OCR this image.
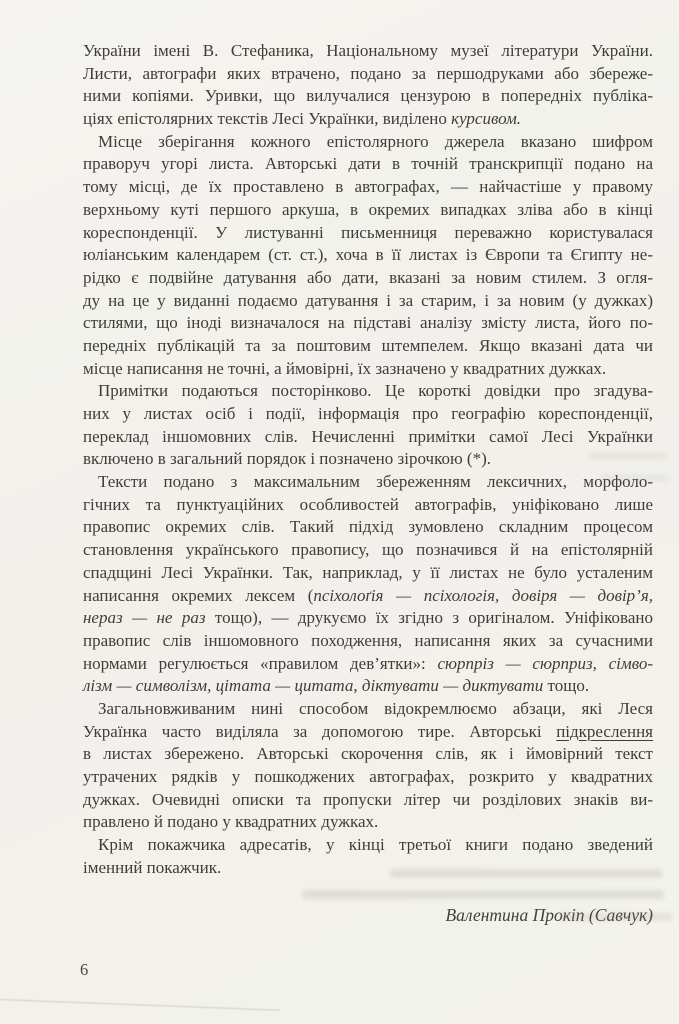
України імені В. Стефаника, Національному музеї літератури України.
Листи, автографи яких втрачено, подано за першодруками або збереже-
ними копіями. Уривки, що вилучалися цензурою в попередніх публіка-
ціях епістолярних текстів Лесі Українки, виділено курсивом.
Місце зберігання кожного епістолярного джерела вказано шифром
праворуч угорі листа. Авторські дати в точній транскрипції подано на
тому місці, де їх проставлено в автографах, — найчастіше у правому
верхньому куті першого аркуша, в окремих випадках зліва або в кінці
кореспонденції. У листуванні письменниця переважно користувалася
юліанським календарем (ст. ст.), хоча в її листах із Європи та Єгипту не-
рідко є подвійне датування або дати, вказані за новим стилем. З огля-
ду на це у виданні подаємо датування і за старим, і за новим (у дужках)
стилями, що іноді визначалося на підставі аналізу змісту листа, його по-
передніх публікацій та за поштовим штемпелем. Якщо вказані дата чи
місце написання не точні, а ймовірні, їх зазначено у квадратних дужках.
Примітки подаються посторінково. Це короткі довідки про згадува-
них у листах осіб і події, інформація про географію кореспонденції,
переклад іншомовних слів. Нечисленні примітки самої Лесі Українки
включено в загальний порядок і позначено зірочкою (*).
Тексти подано з максимальним збереженням лексичних, морфоло-
гічних та пунктуаційних особливостей автографів, уніфіковано лише
правопис окремих слів. Такий підхід зумовлено складним процесом
становлення українського правопису, що позначився й на епістолярній
спадщині Лесі Українки. Так, наприклад, у її листах не було усталеним
написання окремих лексем (псіхолоґія — псіхологія, довіря — довір’я,
нераз — не раз тощо), — друкуємо їх згідно з оригіналом. Уніфіковано
правопис слів іншомовного походження, написання яких за сучасними
нормами регулюється «правилом дев’ятки»: сюрпріз — сюрприз, сімво-
лізм — символізм, цітата — цитата, діктувати — диктувати тощо.
Загальновживаним нині способом відокремлюємо абзаци, які Леся
Українка часто виділяла за допомогою тире. Авторські підкреслення
в листах збережено. Авторські скорочення слів, як і ймовірний текст
утрачених рядків у пошкоджених автографах, розкрито у квадратних
дужках. Очевидні описки та пропуски літер чи розділових знаків ви-
правлено й подано у квадратних дужках.
Крім покажчика адресатів, у кінці третьої книги подано зведений
іменний покажчик.
Валентина Прокіп (Савчук)
6
